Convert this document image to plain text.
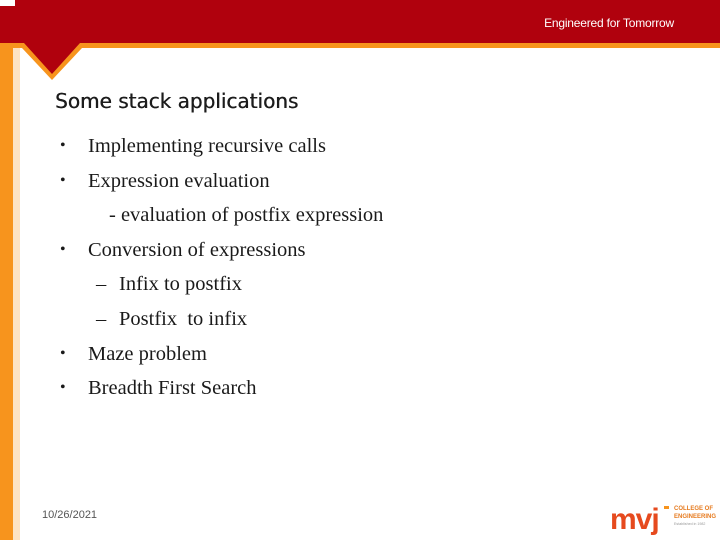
Engineered for Tomorrow
Some stack applications
• Implementing recursive calls
• Expression evaluation
- evaluation of postfix expression
• Conversion of expressions
– Infix to postfix
– Postfix  to infix
• Maze problem
• Breadth First Search
10/26/2021	mvj	COLLEGE OF
ENGINEERING
Established in 1982
